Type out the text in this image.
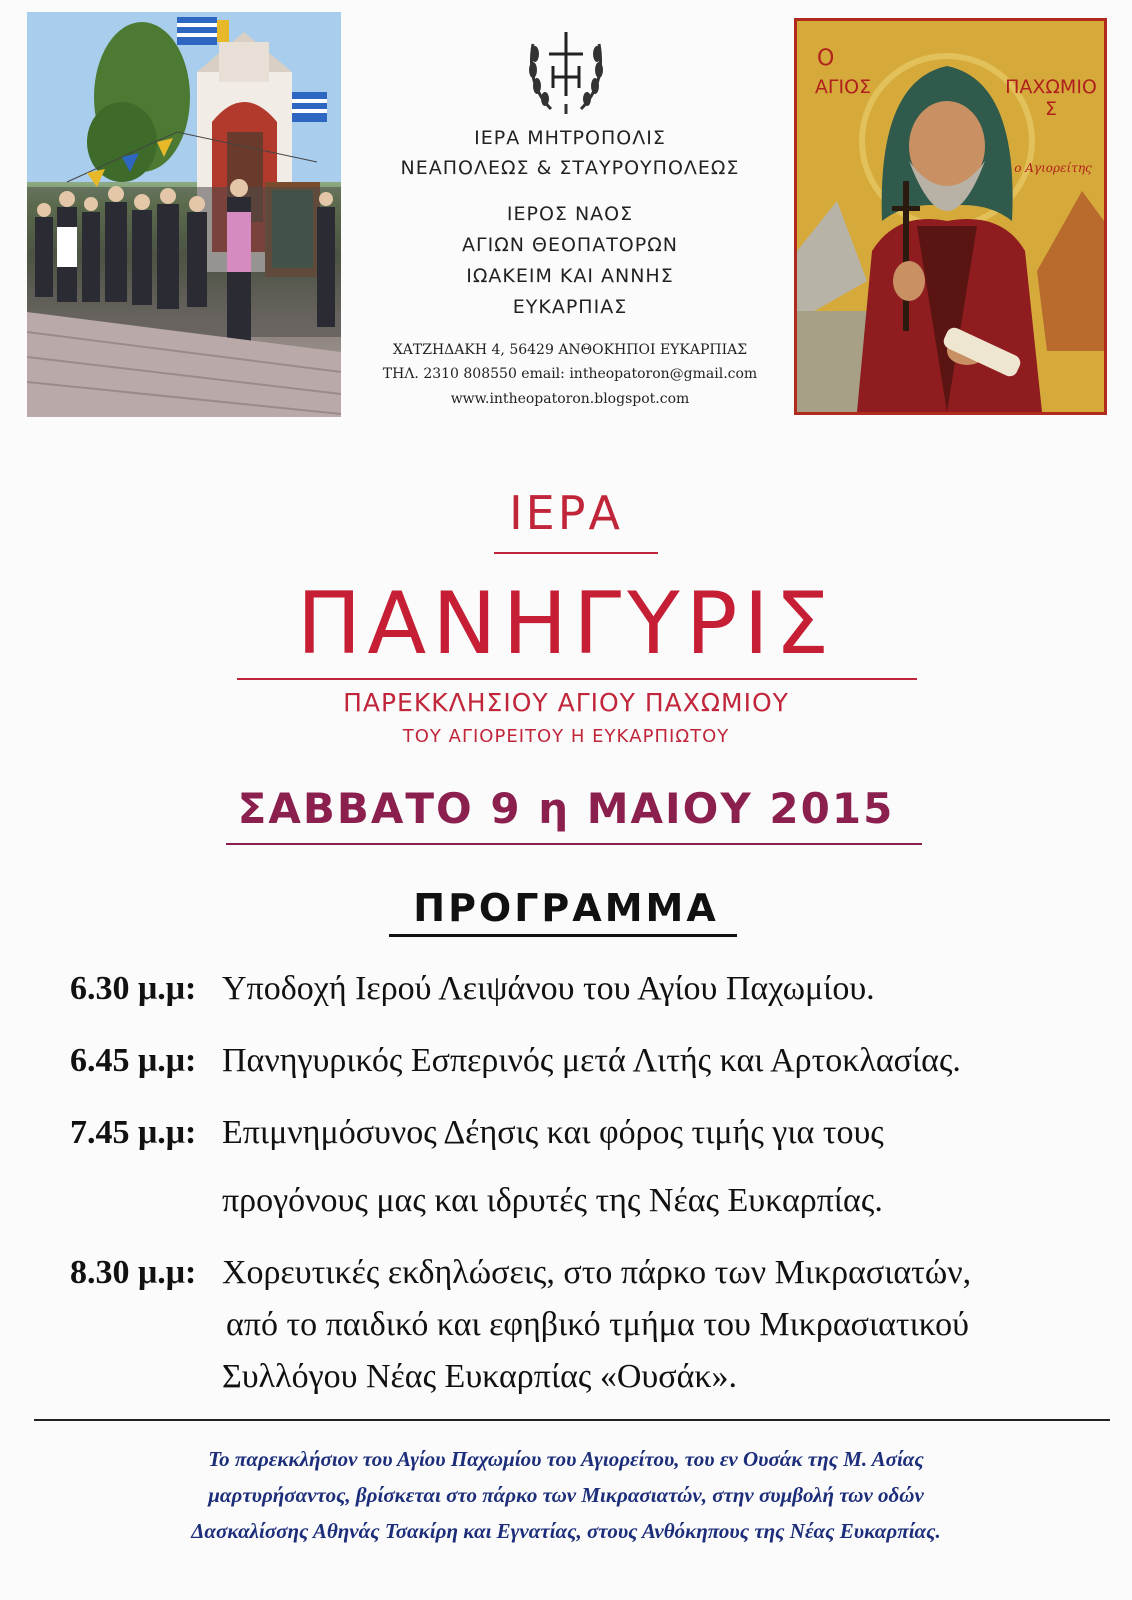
ΙΕΡΑ ΜΗΤΡΟΠΟΛΙΣ
ΝΕΑΠΟΛΕΩΣ & ΣΤΑΥΡΟΥΠΟΛΕΩΣ
ΙΕΡΟΣ ΝΑΟΣ
ΑΓΙΩΝ ΘΕΟΠΑΤΟΡΩΝ
ΙΩΑΚΕΙΜ ΚΑΙ ΑΝΝΗΣ
ΕΥΚΑΡΠΙΑΣ
ΧΑΤΖΗΔΑΚΗ 4, 56429 ΑΝΘΟΚΗΠΟΙ ΕΥΚΑΡΠΙΑΣ
ΤΗΛ. 2310 808550 email: intheopatoron@gmail.com
www.intheopatoron.blogspot.com
Ο
ΑΓΙΟΣ	ΠΑΧΩΜΙΟΣ
ο Αγιορείτης
ΙΕΡΑ
ΠΑΝΗΓΥΡΙΣ
ΠΑΡΕΚΚΛΗΣΙΟΥ ΑΓΙΟΥ ΠΑΧΩΜΙΟΥ
ΤΟΥ ΑΓΙΟΡΕΙΤΟΥ Η ΕΥΚΑΡΠΙΩΤΟΥ
ΣΑΒΒΑΤΟ 9 η ΜΑΙΟΥ 2015
ΠΡΟΓΡΑΜΜΑ
6.30 μ.μ: Υποδοχή Ιερού Λειψάνου του Αγίου Παχωμίου.
6.45 μ.μ: Πανηγυρικός Εσπερινός μετά Λιτής και Αρτοκλασίας.
7.45 μ.μ: Επιμνημόσυνος Δέησις και φόρος τιμής για τους
προγόνους μας και ιδρυτές της Νέας Ευκαρπίας.
8.30 μ.μ: Χορευτικές εκδηλώσεις, στο πάρκο των Μικρασιατών,
από το παιδικό και εφηβικό τμήμα του Μικρασιατικού
Συλλόγου Νέας Ευκαρπίας «Ουσάκ».
Το παρεκκλήσιον του Αγίου Παχωμίου του Αγιορείτου, του εν Ουσάκ της Μ. Ασίας
μαρτυρήσαντος, βρίσκεται στο πάρκο των Μικρασιατών, στην συμβολή των οδών
Δασκαλίσσης Αθηνάς Τσακίρη και Εγνατίας, στους Ανθόκηπους της Νέας Ευκαρπίας.
